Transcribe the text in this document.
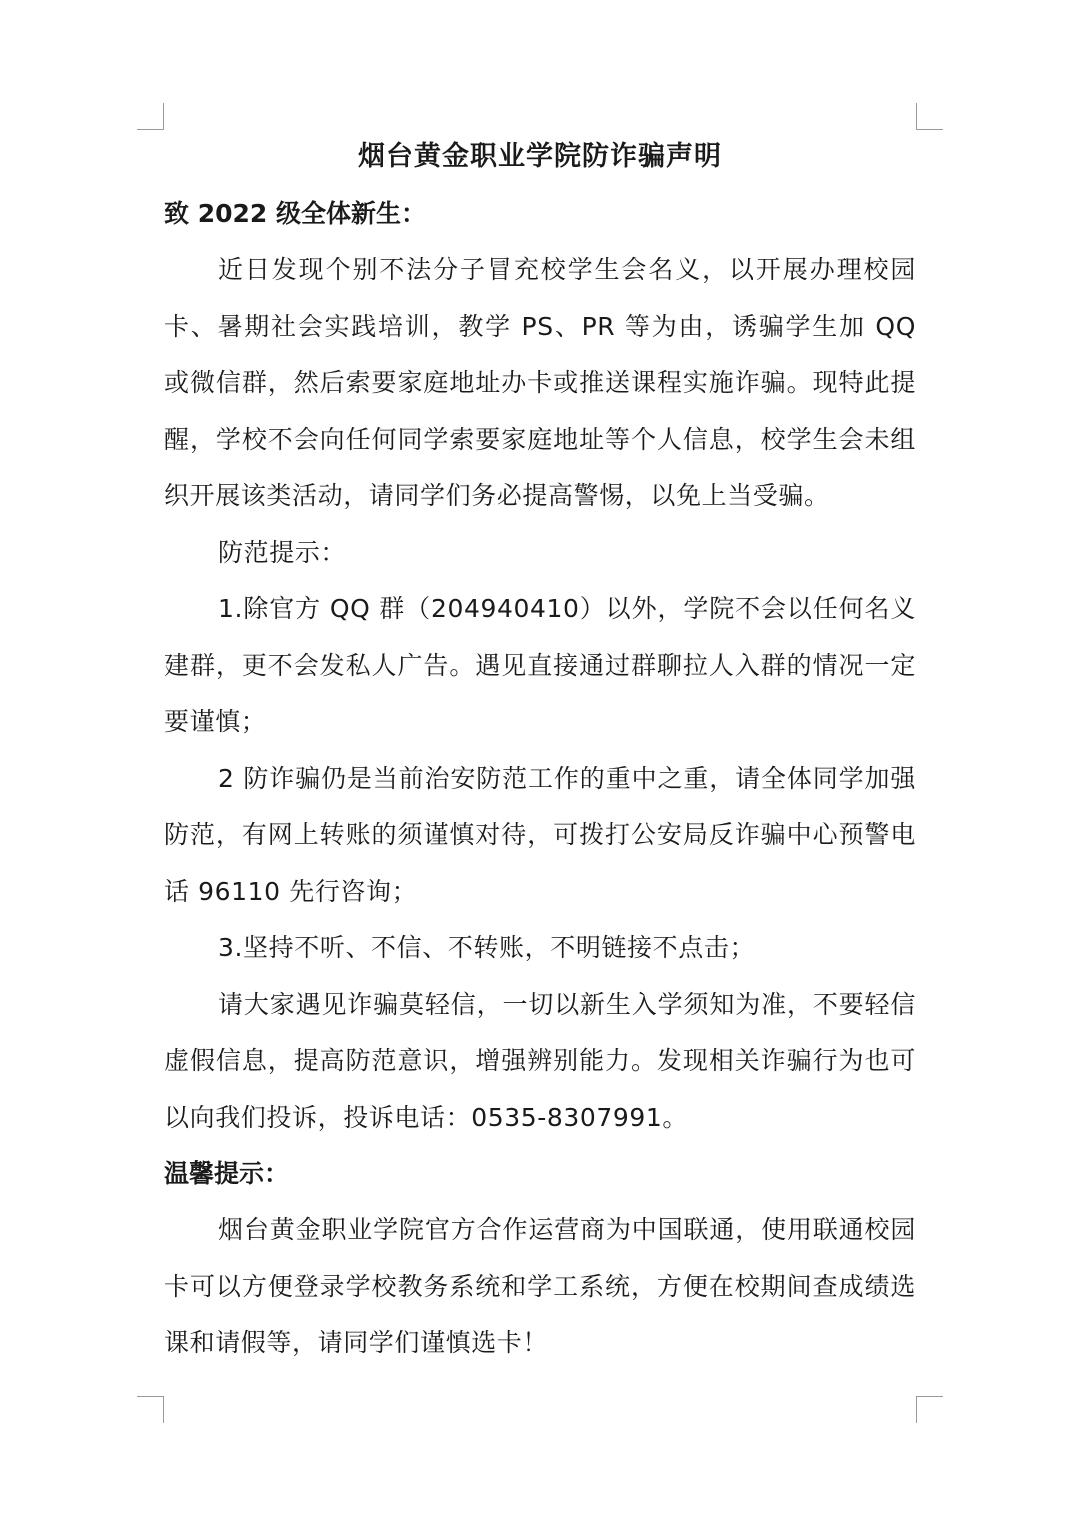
烟台黄金职业学院防诈骗声明

致 2022 级全体新生：

近日发现个别不法分子冒充校学生会名义，以开展办理校园卡、暑期社会实践培训，教学 PS、PR 等为由，诱骗学生加 QQ 或微信群，然后索要家庭地址办卡或推送课程实施诈骗。现特此提醒，学校不会向任何同学索要家庭地址等个人信息，校学生会未组织开展该类活动，请同学们务必提高警惕，以免上当受骗。

防范提示：

1.除官方 QQ 群（204940410）以外，学院不会以任何名义建群，更不会发私人广告。遇见直接通过群聊拉人入群的情况一定要谨慎；

2 防诈骗仍是当前治安防范工作的重中之重，请全体同学加强防范，有网上转账的须谨慎对待，可拨打公安局反诈骗中心预警电话 96110 先行咨询；

3.坚持不听、不信、不转账，不明链接不点击；

请大家遇见诈骗莫轻信，一切以新生入学须知为准，不要轻信虚假信息，提高防范意识，增强辨别能力。发现相关诈骗行为也可以向我们投诉，投诉电话：0535-8307991。

温馨提示：

烟台黄金职业学院官方合作运营商为中国联通，使用联通校园卡可以方便登录学校教务系统和学工系统，方便在校期间查成绩选课和请假等，请同学们谨慎选卡！
